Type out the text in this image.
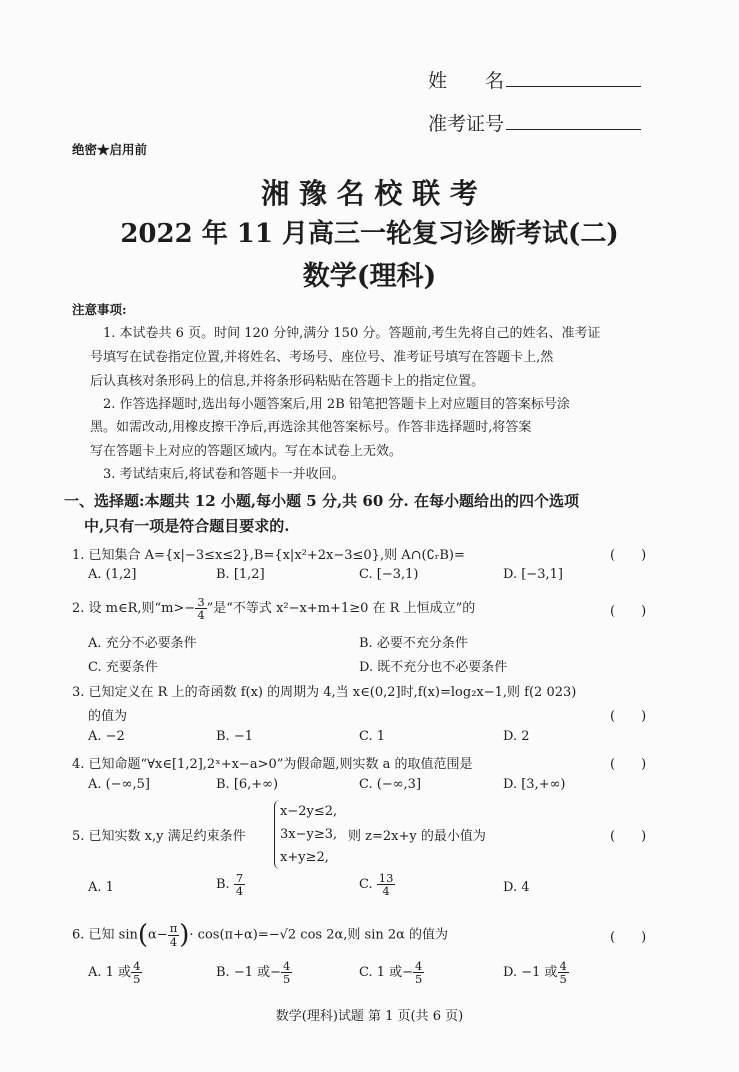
姓　　名
准考证号
绝密★启用前
湘 豫 名 校 联 考
2022 年 11 月高三一轮复习诊断考试(二)
数学(理科)
注意事项:
1. 本试卷共 6 页。时间 120 分钟,满分 150 分。答题前,考生先将自己的姓名、准考证
号填写在试卷指定位置,并将姓名、考场号、座位号、准考证号填写在答题卡上,然
后认真核对条形码上的信息,并将条形码粘贴在答题卡上的指定位置。
2. 作答选择题时,选出每小题答案后,用 2B 铅笔把答题卡上对应题目的答案标号涂
黑。如需改动,用橡皮擦干净后,再选涂其他答案标号。作答非选择题时,将答案
写在答题卡上对应的答题区域内。写在本试卷上无效。
3. 考试结束后,将试卷和答题卡一并收回。
一、选择题:本题共 12 小题,每小题 5 分,共 60 分. 在每小题给出的四个选项
中,只有一项是符合题目要求的.
1. 已知集合 A={x|−3≤x≤2},B={x|x²+2x−3≤0},则 A∩(∁ᵣB)=	(　　)
A. (1,2]	B. [1,2]	C. [−3,1)	D. [−3,1]
2. 设 m∈R,则“$m>- \frac{3}{4}$ ”是“不等式 x²−x+m+1≥0 在 R 上恒成立”的	(　　)
A. 充分不必要条件	B. 必要不充分条件
C. 充要条件	D. 既不充分也不必要条件
3. 已知定义在 R 上的奇函数 f(x) 的周期为 4,当 x∈(0,2]时,f(x)=log₂x−1,则 f(2 023)
的值为	(　　)
A. −2	B. −1	C. 1	D. 2
4. 已知命题“∀x∈[1,2],2ˣ+x−a>0”为假命题,则实数 a 的取值范围是	(　　)
A. (−∞,5]	B. [6,+∞)	C. (−∞,3]	D. [3,+∞)
5. 已知实数 x,y 满足约束条件
x−2y≤2,
3x−y≥3,
x+y≥2,
则 z=2x+y 的最小值为	(　　)
A. 1	B. $\frac{7}{4}$	C. $\frac{13}{4}$	D. 4
6. 已知 $\sin(\alpha- \frac{\pi}{4}$ )· cos(π+α)=−√2 cos 2α,则 sin 2α 的值为	(　　)
A. 1 或 $\frac{4}{5}$	B. −1 或− $\frac{4}{5}$	C. 1 或− $\frac{4}{5}$	D. −1 或 $\frac{4}{5}$
数学(理科)试题 第 1 页(共 6 页)
